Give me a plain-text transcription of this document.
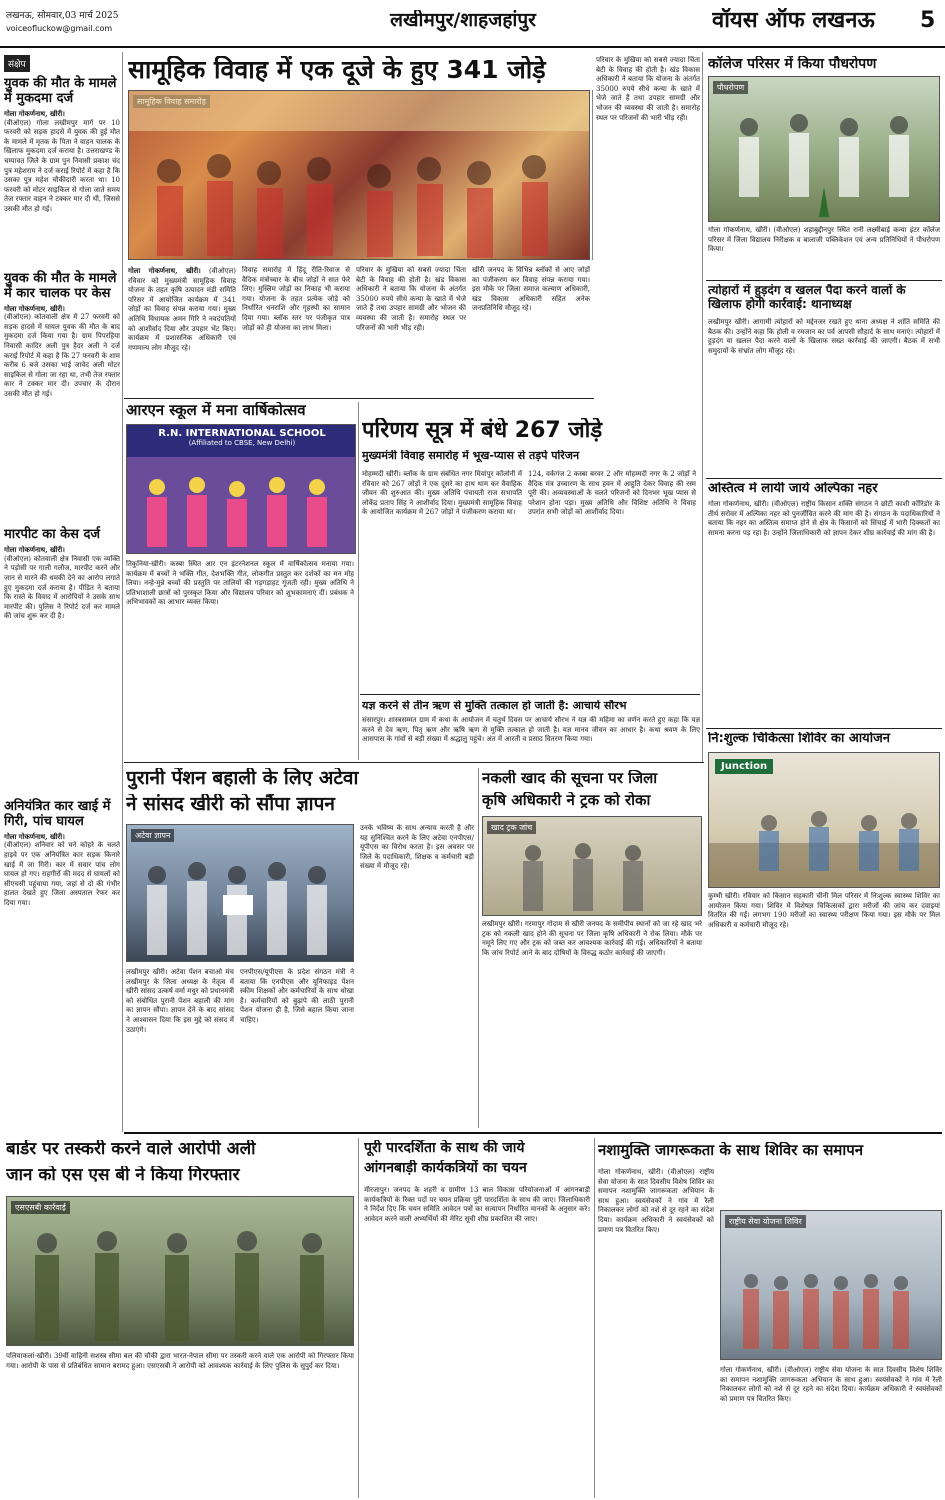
लखनऊ, सोमवार,03 मार्च 2025
voiceofluckow@gmail.com	लखीमपुर/शाहजहांपुर	वॉयस ऑफ लखनऊ	5
संक्षेप
युवक की मौत के मामले में मुकदमा दर्ज
गोला गोकर्णनाथ, खीरी।
(वीओएल) गोला लखीमपुर मार्ग पर 10 फरवरी को सड़क हादसे में युवक की हुई मौत के मामले में मृतक के पिता ने वाहन चालक के खिलाफ मुकदमा दर्ज कराया है। उत्तराखण्ड के चम्पावत जिले के ग्राम पुन निवासी प्रकाश चंद पुत्र महेशराम ने दर्ज कराई रिपोर्ट में कहा है कि उसका पुत्र महेश चौकीदारी करता था। 10 फरवरी को मोटर साइकिल से गोला जाते समय तेज रफ्तार वाहन ने टक्कर मार दी थी, जिससे उसकी मौत हो गई।
युवक की मौत के मामले में कार चालक पर केस
गोला गोकर्णनाथ, खीरी।
(वीओएल) कोतवाली क्षेत्र में 27 फरवरी को सड़क हादसे में घायल युवक की मौत के बाद मुकदमा दर्ज किया गया है। ग्राम पिपरहिया निवासी कादिर अली पुत्र हैदर अली ने दर्ज कराई रिपोर्ट में कहा है कि 27 फरवरी के शाम करीब 6 बजे उसका भाई जावेद अली मोटर साइकिल से गोला जा रहा था, तभी तेज रफ्तार कार ने टक्कर मार दी। उपचार के दौरान उसकी मौत हो गई।
मारपीट का केस दर्ज
गोला गोकर्णनाथ, खीरी।
(वीओएल) कोतवाली क्षेत्र निवासी एक व्यक्ति ने पड़ोसी पर गाली गलौज, मारपीट करने और जान से मारने की धमकी देने का आरोप लगाते हुए मुकदमा दर्ज कराया है। पीड़ित ने बताया कि रास्ते के विवाद में आरोपियों ने उसके साथ मारपीट की। पुलिस ने रिपोर्ट दर्ज कर मामले की जांच शुरू कर दी है।
अनियंत्रित कार खाई में गिरी, पांच घायल
गोला गोकर्णनाथ, खीरी।
(वीओएल) शनिवार को घने कोहरे के चलते हाइवे पर एक अनियंत्रित कार सड़क किनारे खाई में जा गिरी। कार में सवार पांच लोग घायल हो गए। राहगीरों की मदद से घायलों को सीएचसी पहुंचाया गया, जहां से दो की गंभीर हालत देखते हुए जिला अस्पताल रेफर कर दिया गया।
सामूहिक विवाह में एक दूजे के हुए 341 जोड़े
गोला गोकर्णनाथ, खीरी। (वीओएल) रविवार को मुख्यमंत्री सामूहिक विवाह योजना के तहत कृषि उत्पादन मंडी समिति परिसर में आयोजित कार्यक्रम में 341 जोड़ों का विवाह संपन्न कराया गया। मुख्य अतिथि विधायक अमन गिरि ने नवदंपतियों को आशीर्वाद दिया और उपहार भेंट किए। कार्यक्रम में प्रशासनिक अधिकारी एवं गणमान्य लोग मौजूद रहे।
विवाह समारोह में हिंदू रीति-रिवाज से वैदिक मंत्रोच्चार के बीच जोड़ों ने सात फेरे लिए। मुस्लिम जोड़ों का निकाह भी कराया गया। योजना के तहत प्रत्येक जोड़े को निर्धारित धनराशि और गृहस्थी का सामान दिया गया। ब्लॉक स्तर पर पंजीकृत पात्र जोड़ों को ही योजना का लाभ मिला।
परिवार के मुखिया को सबसे ज्यादा चिंता बेटी के विवाह की होती है। खंड विकास अधिकारी ने बताया कि योजना के अंतर्गत 35000 रुपये सीधे कन्या के खाते में भेजे जाते हैं तथा उपहार सामग्री और भोजन की व्यवस्था की जाती है। समारोह स्थल पर परिजनों की भारी भीड़ रही।
खीरी जनपद के विभिन्न ब्लॉकों से आए जोड़ों का पंजीकरण कर विवाह संपन्न कराया गया। इस मौके पर जिला समाज कल्याण अधिकारी, खंड विकास अधिकारी सहित अनेक जनप्रतिनिधि मौजूद रहे।
आरएन स्कूल में मना वार्षिकोत्सव
R.N. INTERNATIONAL SCHOOL
(Affiliated to CBSE, New Delhi)
तिकुनिया-खीरी। कस्बा स्थित आर एन इंटरनेशनल स्कूल में वार्षिकोत्सव मनाया गया। कार्यक्रम में बच्चों ने भक्ति गीत, देशभक्ति गीत, लोकगीत प्रस्तुत कर दर्शकों का मन मोह लिया। नन्हे-मुन्ने बच्चों की प्रस्तुति पर तालियों की गड़गड़ाहट गूंजती रही। मुख्य अतिथि ने प्रतिभाशाली छात्रों को पुरस्कृत किया और विद्यालय परिवार को शुभकामनाएं दीं। प्रबंधक ने अभिभावकों का आभार व्यक्त किया।
परिणय सूत्र में बंधे 267 जोड़े
मुख्यमंत्री विवाह समारोह में भूख-प्यास से तड़पे परिजन
मोहम्मदी खीरी। ब्लॉक के ग्राम संबंधित नगर मियांपुर कॉलोनी में रविवार को 267 जोड़ों ने एक दूसरे का हाथ थाम कर वैवाहिक जीवन की शुरुआत की। मुख्य अतिथि पंचायती राज सभापति लोकेंद्र प्रताप सिंह ने आशीर्वाद दिया। मुख्यमंत्री सामूहिक विवाह के आयोजित कार्यक्रम में 267 जोड़ों ने पंजीकरण कराया था।
124, वर्कगंज 2 कस्बा बरवर 2 और मोहम्मदी नगर के 2 जोड़ों ने वैदिक मंत्र उच्चारण के साथ हवन में आहुति देकर विवाह की रस्म पूरी की। अव्यवस्थाओं के चलते परिजनों को दिनभर भूख प्यास से परेशान होना पड़ा। मुख्य अतिथि और विशिष्ट अतिथि ने विवाह उपरांत सभी जोड़ों को आशीर्वाद दिया।
यज्ञ करने से तीन ऋण से मुक्ति तत्काल हो जाती है: आचार्य सौरभ
संसारपुर। शास्त्रसम्मत ग्राम में कथा के आयोजन में चतुर्थ दिवस पर आचार्य सौरभ ने यज्ञ की महिमा का वर्णन करते हुए कहा कि यज्ञ करने से देव ऋण, पितृ ऋण और ऋषि ऋण से मुक्ति तत्काल हो जाती है। यज्ञ मानव जीवन का आधार है। कथा श्रवण के लिए आसपास के गांवों से बड़ी संख्या में श्रद्धालु पहुंचे। अंत में आरती व प्रसाद वितरण किया गया।
परिवार के मुखिया को सबसे ज्यादा चिंता बेटी के विवाह की होती है। खंड विकास अधिकारी ने बताया कि योजना के अंतर्गत 35000 रुपये सीधे कन्या के खाते में भेजे जाते हैं तथा उपहार सामग्री और भोजन की व्यवस्था की जाती है। समारोह स्थल पर परिजनों की भारी भीड़ रही।
कॉलेज परिसर में किया पौधरोपण
पौधरोपण
गोला गोकर्णनाथ, खीरी। (वीओएल) शहाबुद्दीनपुर स्थित रानी लक्ष्मीबाई कन्या इंटर कॉलेज परिसर में जिला विद्यालय निरीक्षक व बालाजी पब्लिकेशन एवं अन्य प्रतिनिधियों ने पौधरोपण किया।
त्योहारों में हुड़दंग व खलल पैदा करने वालों के खिलाफ होगी कार्रवाई: थानाध्यक्ष
लखीमपुर खीरी। आगामी त्योहारों को मद्देनजर रखते हुए थाना अध्यक्ष ने शांति समिति की बैठक की। उन्होंने कहा कि होली व रमजान का पर्व आपसी सौहार्द के साथ मनाएं। त्योहारों में हुड़दंग या खलल पैदा करने वालों के खिलाफ सख्त कार्रवाई की जाएगी। बैठक में सभी समुदायों के संभ्रांत लोग मौजूद रहे।
अस्तित्व में लायी जाये अल्पिका नहर
गोला गोकर्णनाथ, खीरी। (वीओएल) राष्ट्रीय किसान शक्ति संगठन ने छोटी काशी कॉरिडोर के तीर्थ सरोवर में अल्पिका नहर को पुनर्जीवित करने की मांग की है। संगठन के पदाधिकारियों ने बताया कि नहर का अस्तित्व समाप्त होने से क्षेत्र के किसानों को सिंचाई में भारी दिक्कतों का सामना करना पड़ रहा है। उन्होंने जिलाधिकारी को ज्ञापन देकर शीघ्र कार्रवाई की मांग की है।
नि:शुल्क चिकित्सा शिविर का आयोजन
Junction
कुम्भी खीरी। रविवार को किसान सहकारी चीनी मिल परिसर में निःशुल्क स्वास्थ्य शिविर का आयोजन किया गया। शिविर में विशेषज्ञ चिकित्सकों द्वारा मरीजों की जांच कर दवाइयां वितरित की गईं। लगभग 190 मरीजों का स्वास्थ्य परीक्षण किया गया। इस मौके पर मिल अधिकारी व कर्मचारी मौजूद रहे।
पुरानी पेंशन बहाली के लिए अटेवा
ने सांसद खीरी को सौंपा ज्ञापन
अटेवा ज्ञापन
लखीमपुर खीरी। अटेवा पेंशन बचाओ मंच लखीमपुर के जिला अध्यक्ष के नेतृत्व में खीरी सांसद उत्कर्ष वर्मा मधुर को प्रधानमंत्री को संबोधित पुरानी पेंशन बहाली की मांग का ज्ञापन सौंपा। ज्ञापन देने के बाद सांसद ने आश्वासन दिया कि इस मुद्दे को संसद में उठाएंगे।
एनपीएस/यूपीएस के प्रदेश संगठन मंत्री ने बताया कि एनपीएस और यूनिफाइड पेंशन स्कीम शिक्षकों और कर्मचारियों के साथ धोखा है। कर्मचारियों को बुढ़ापे की लाठी पुरानी पेंशन योजना ही है, जिसे बहाल किया जाना चाहिए।
उनके भविष्य के साथ अन्याय करती है और यह सुनिश्चित करने के लिए अटेवा एनपीएस/यूपीएस का विरोध करता है। इस अवसर पर जिले के पदाधिकारी, शिक्षक व कर्मचारी बड़ी संख्या में मौजूद रहे।
नकली खाद की सूचना पर जिला
कृषि अधिकारी ने ट्रक को रोका
खाद ट्रक जांच
लखीमपुर खीरी। गरमापुर गोदाम से खीरी जनपद के समीपीय स्थानों को जा रहे खाद भरे ट्रक को नकली खाद होने की सूचना पर जिला कृषि अधिकारी ने रोक लिया। मौके पर नमूने लिए गए और ट्रक को जब्त कर आवश्यक कार्रवाई की गई। अधिकारियों ने बताया कि जांच रिपोर्ट आने के बाद दोषियों के विरुद्ध कठोर कार्रवाई की जाएगी।
बार्डर पर तस्करी करने वाले आरोपी अली
जान को एस एस बी ने किया गिरफ्तार
एसएसबी कार्रवाई
पलियाकलां-खीरी। 39वीं वाहिनी सशस्त्र सीमा बल की चौकी द्वारा भारत-नेपाल सीमा पर तस्करी करने वाले एक आरोपी को गिरफ्तार किया गया। आरोपी के पास से प्रतिबंधित सामान बरामद हुआ। एसएसबी ने आरोपी को आवश्यक कार्रवाई के लिए पुलिस के सुपुर्द कर दिया।
पूरी पारदर्शिता के साथ की जाये
आंगनबाड़ी कार्यकत्रियों का चयन
मीरजापुर। जनपद के शहरी व ग्रामीण 13 बाल विकास परियोजनाओं में आंगनबाड़ी कार्यकत्रियों के रिक्त पदों पर चयन प्रक्रिया पूरी पारदर्शिता के साथ की जाए। जिलाधिकारी ने निर्देश दिए कि चयन समिति आवेदन पत्रों का सत्यापन निर्धारित मानकों के अनुसार करे। आवेदन करने वाली अभ्यर्थियों की मेरिट सूची शीघ्र प्रकाशित की जाए।
नशामुक्ति जागरूकता के साथ शिविर का समापन
गोला गोकर्णनाथ, खीरी। (वीओएल) राष्ट्रीय सेवा योजना के सात दिवसीय विशेष शिविर का समापन नशामुक्ति जागरूकता अभियान के साथ हुआ। स्वयंसेवकों ने गांव में रैली निकालकर लोगों को नशे से दूर रहने का संदेश दिया। कार्यक्रम अधिकारी ने स्वयंसेवकों को प्रमाण पत्र वितरित किए।
राष्ट्रीय सेवा योजना शिविर
गोला गोकर्णनाथ, खीरी। (वीओएल) राष्ट्रीय सेवा योजना के सात दिवसीय विशेष शिविर का समापन नशामुक्ति जागरूकता अभियान के साथ हुआ। स्वयंसेवकों ने गांव में रैली निकालकर लोगों को नशे से दूर रहने का संदेश दिया। कार्यक्रम अधिकारी ने स्वयंसेवकों को प्रमाण पत्र वितरित किए।
